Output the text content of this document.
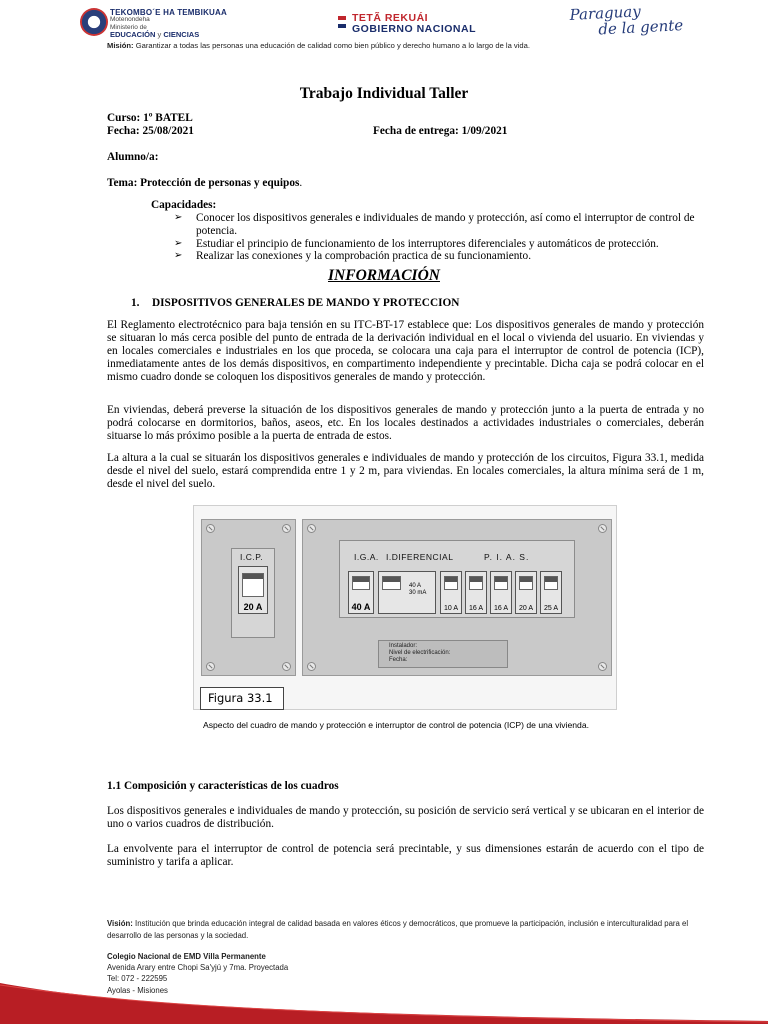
TEKOMBO´E HA TEMBIKUAA
Motenondeha
Ministerio de
EDUCACIÓN y CIENCIAS
TETÃ REKUÁI
GOBIERNO NACIONAL
Paraguay
de la gente
Misión: Garantizar a todas las personas una educación de calidad como bien público y derecho humano a lo largo de la vida.
Trabajo Individual Taller
Curso: 1º BATEL
Fecha: 25/08/2021	Fecha de entrega: 1/09/2021
Alumno/a:
Tema: Protección de personas y equipos.
Capacidades:
➢ Conocer los dispositivos generales e individuales de mando y protección, así como el interruptor de control de potencia.
➢ Estudiar el principio de funcionamiento de los interruptores diferenciales y automáticos de protección.
➢ Realizar las conexiones y la comprobación practica de su funcionamiento.
INFORMACIÓN
1. DISPOSITIVOS GENERALES DE MANDO Y PROTECCION
El Reglamento electrotécnico para baja tensión en su ITC-BT-17 establece que: Los dispositivos generales de mando y protección se situaran lo más cerca posible del punto de entrada de la derivación individual en el local o vivienda del usuario. En viviendas y en locales comerciales e industriales en los que proceda, se colocara una caja para el interruptor de control de potencia (ICP), inmediatamente antes de los demás dispositivos, en compartimento independiente y precintable. Dicha caja se podrá colocar en el mismo cuadro donde se coloquen los dispositivos generales de mando y protección.
En viviendas, deberá preverse la situación de los dispositivos generales de mando y protección junto a la puerta de entrada y no podrá colocarse en dormitorios, baños, aseos, etc. En los locales destinados a actividades industriales o comerciales, deberán situarse lo más próximo posible a la puerta de entrada de estos.
La altura a la cual se situarán los dispositivos generales e individuales de mando y protección de los circuitos, Figura 33.1, medida desde el nivel del suelo, estará comprendida entre 1 y 2 m, para viviendas. En locales comerciales, la altura mínima será de 1 m, desde el nivel del suelo.
I.C.P.
20 A
I.G.A. I.DIFERENCIAL	P. I. A. S.
40 A
40 A
30 mA
10 A	16 A	16 A	20 A	25 A
Instalador:
Nivel de electrificación:
Fecha:
Figura 33.1
Aspecto del cuadro de mando y protección e interruptor de control de potencia (ICP) de una vivienda.
1.1 Composición y características de los cuadros
Los dispositivos generales e individuales de mando y protección, su posición de servicio será vertical y se ubicaran en el interior de uno o varios cuadros de distribución.
La envolvente para el interruptor de control de potencia será precintable, y sus dimensiones estarán de acuerdo con el tipo de suministro y tarifa a aplicar.
Visión: Institución que brinda educación integral de calidad basada en valores éticos y democráticos, que promueve la participación, inclusión e interculturalidad para el desarrollo de las personas y la sociedad.
Colegio Nacional de EMD Villa Permanente
Avenida Arary entre Chopi Sa'yjú y 7ma. Proyectada
Tel: 072 - 222595
Ayolas - Misiones
